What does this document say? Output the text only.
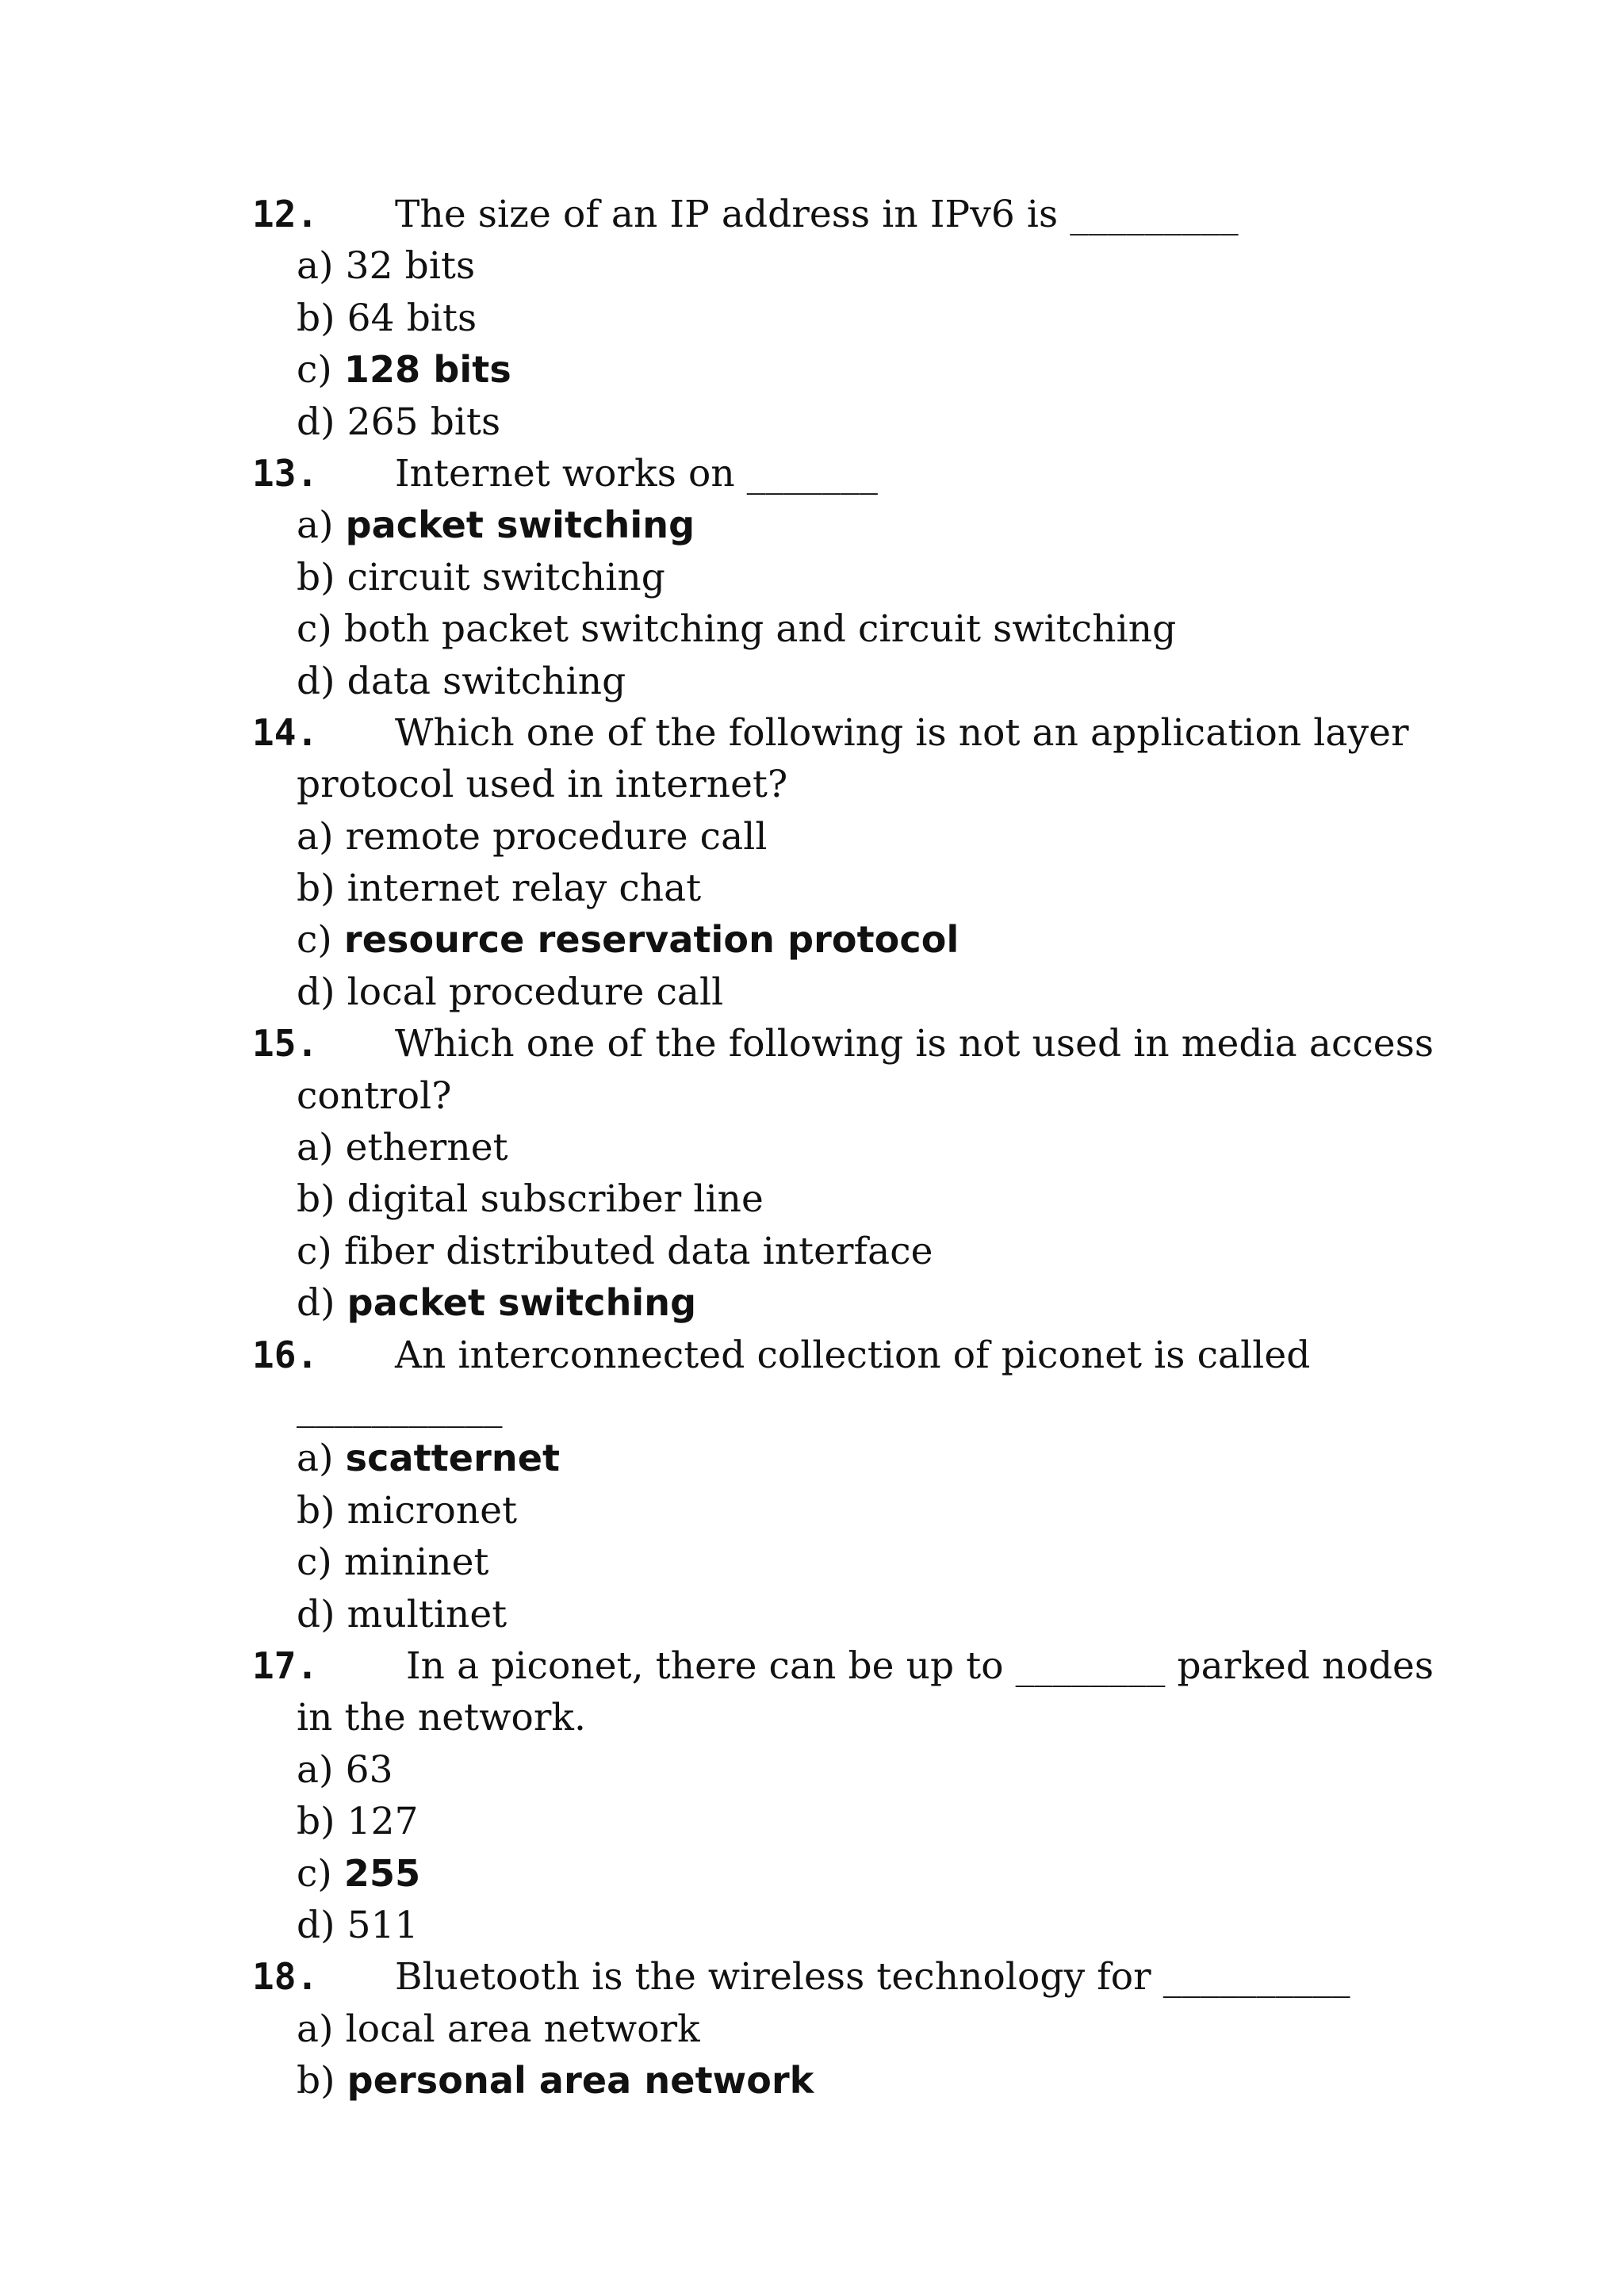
12. The size of an IP address in IPv6 is _________
a) 32 bits
b) 64 bits
c) 128 bits
d) 265 bits
13. Internet works on _______
a) packet switching
b) circuit switching
c) both packet switching and circuit switching
d) data switching
14. Which one of the following is not an application layer
protocol used in internet?
a) remote procedure call
b) internet relay chat
c) resource reservation protocol
d) local procedure call
15. Which one of the following is not used in media access
control?
a) ethernet
b) digital subscriber line
c) fiber distributed data interface
d) packet switching
16. An interconnected collection of piconet is called
___________
a) scatternet
b) micronet
c) mininet
d) multinet
17. In a piconet, there can be up to ________ parked nodes
in the network.
a) 63
b) 127
c) 255
d) 511
18. Bluetooth is the wireless technology for __________
a) local area network
b) personal area network
